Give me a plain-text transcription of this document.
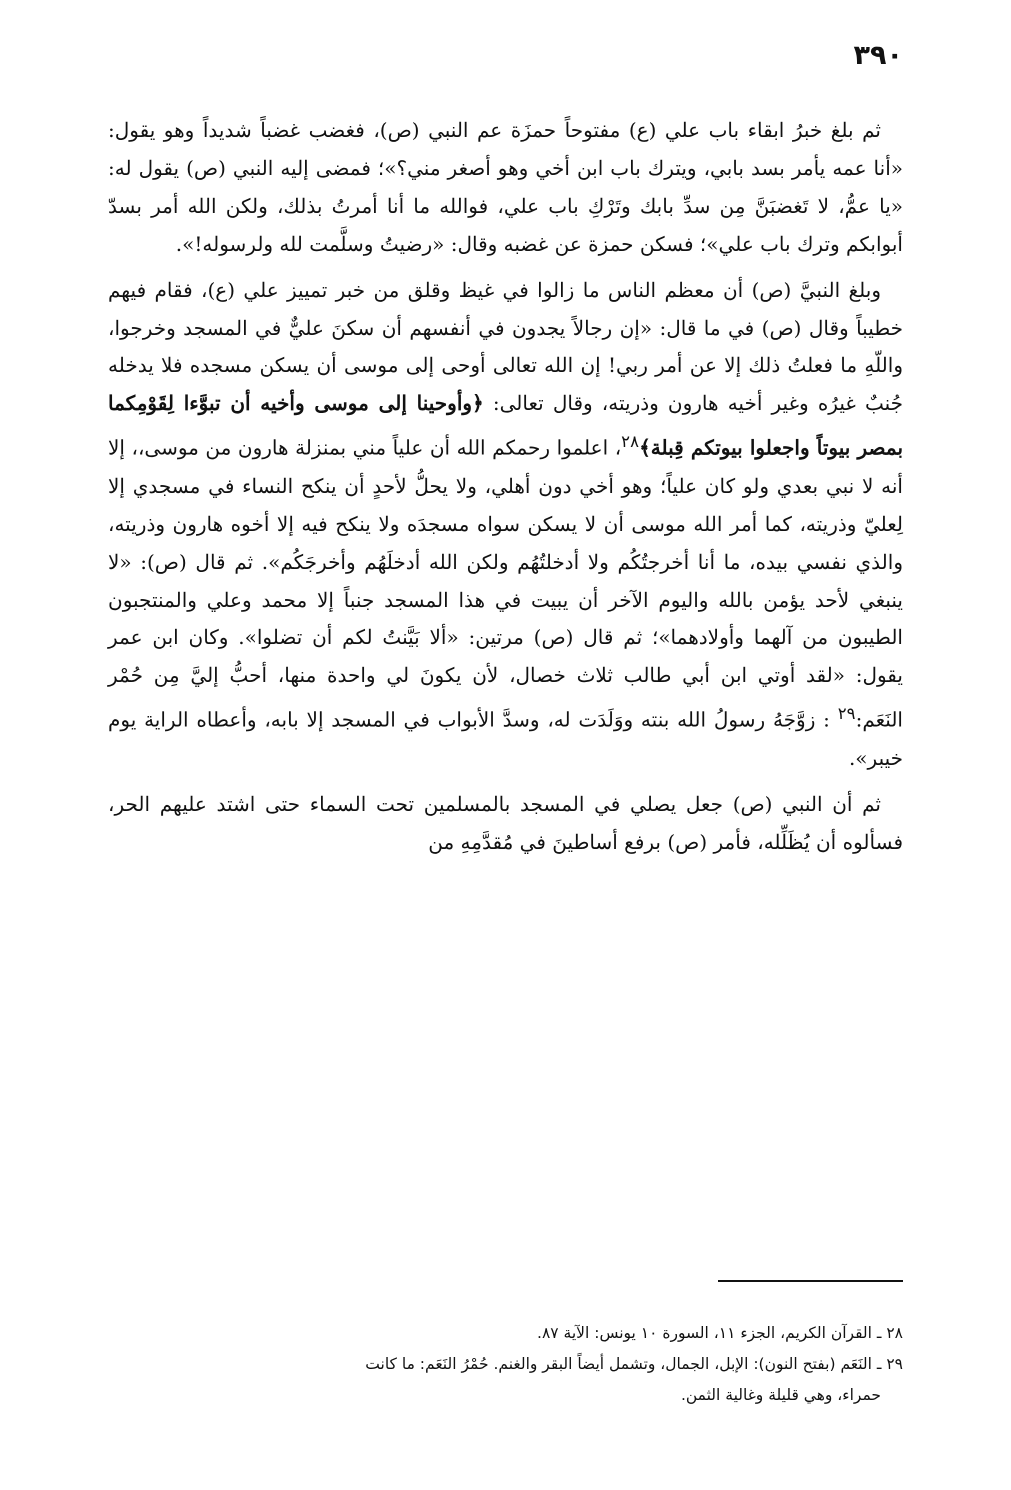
٣٩٠

ثم بلغ خبرُ ابقاء باب علي (ع) مفتوحاً حمزَة عم النبي (ص)، فغضب غضباً شديداً وهو يقول: «أنا عمه يأمر بسد بابي، ويترك باب ابن أخي وهو أصغر مني؟»؛ فمضى إليه النبي (ص) يقول له: «يا عمُّ، لا تَغضبَنَّ مِن سدِّ بابك وتَرْكِ باب علي، فوالله ما أنا أمرتُ بذلك، ولكن الله أمر بسدّ أبوابكم وترك باب علي»؛ فسكن حمزة عن غضبه وقال: «رضيتُ وسلَّمت لله ولرسوله!».

وبلغ النبيَّ (ص) أن معظم الناس ما زالوا في غيظ وقلق من خبر تمييز علي (ع)، فقام فيهم خطيباً وقال (ص) في ما قال: «إن رجالاً يجدون في أنفسهم أن سكنَ عليٌّ في المسجد وخرجوا، واللّهِ ما فعلتُ ذلك إلا عن أمر ربي! إن الله تعالى أوحى إلى موسى أن يسكن مسجده فلا يدخله جُنبٌ غيرُه وغير أخيه هارون وذريته، وقال تعالى: ﴿وأوحينا إلى موسى وأخيه أن تبوَّءا لِقَوْمِكما بمصر بيوتاً واجعلوا بيوتكم قِبلة﴾$^{٢٨}$، اعلموا رحمكم الله أن علياً مني بمنزلة هارون من موسى،، إلا أنه لا نبي بعدي ولو كان علياً؛ وهو أخي دون أهلي، ولا يحلُّ لأحدٍ أن ينكح النساء في مسجدي إلا لِعليّ وذريته، كما أمر الله موسى أن لا يسكن سواه مسجدَه ولا ينكح فيه إلا أخوه هارون وذريته، والذي نفسي بيده، ما أنا أخرجتُكُم ولا أدخلتُهُم ولكن الله أدخلَهُم وأخرجَكُم». ثم قال (ص): «لا ينبغي لأحد يؤمن بالله واليوم الآخر أن يبيت في هذا المسجد جنباً إلا محمد وعلي والمنتجبون الطيبون من آلهما وأولادهما»؛ ثم قال (ص) مرتين: «ألا بَيَّنتُ لكم أن تضلوا». وكان ابن عمر يقول: «لقد أوتي ابن أبي طالب ثلاث خصال، لأن يكونَ لي واحدة منها، أحبُّ إليَّ مِن حُمْر النَعَم:$^{٢٩}$ : زوَّجَهُ رسولُ الله بنته ووَلَدَت له، وسدَّ الأبواب في المسجد إلا بابه، وأعطاه الراية يوم خيبر».

ثم أن النبي (ص) جعل يصلي في المسجد بالمسلمين تحت السماء حتى اشتد عليهم الحر، فسألوه أن يُظَلِّله، فأمر (ص) برفع أساطينَ في مُقدَّمِهِ من

٢٨ ـ القرآن الكريم، الجزء ١١، السورة ١٠ يونس: الآية ٨٧.

٢٩ ـ النَعَم (بفتح النون): الإبل، الجمال، وتشمل أيضاً البقر والغنم. حُمْرُ النَعَم: ما كانت

حمراء، وهي قليلة وغالية الثمن.
